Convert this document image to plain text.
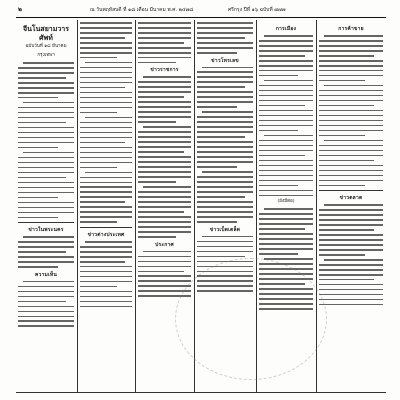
๒	ณ วันพฤหัสบดี ที่ ๑๘ เดือน มีนาคม พ.ศ. ๒๔๗๘	ศรีกรุง ปีที่ ๑๖ ฉบับที่ ๗๗๗
จีนโนสยามวารศัพท์
ฉบับวันที่ ๑๘ มีนาคม
กรุงเทพฯ
ข่าวในพระนคร
ความเห็น
ข่าวต่างประเทศ
ข่าวราชการ
ประกาศ
ข่าวโทรเลข
ข่าวเบ็ดเตล็ด
การเมือง
(ยังมีต่อ)
การค้าขาย
ข่าวตลาด
